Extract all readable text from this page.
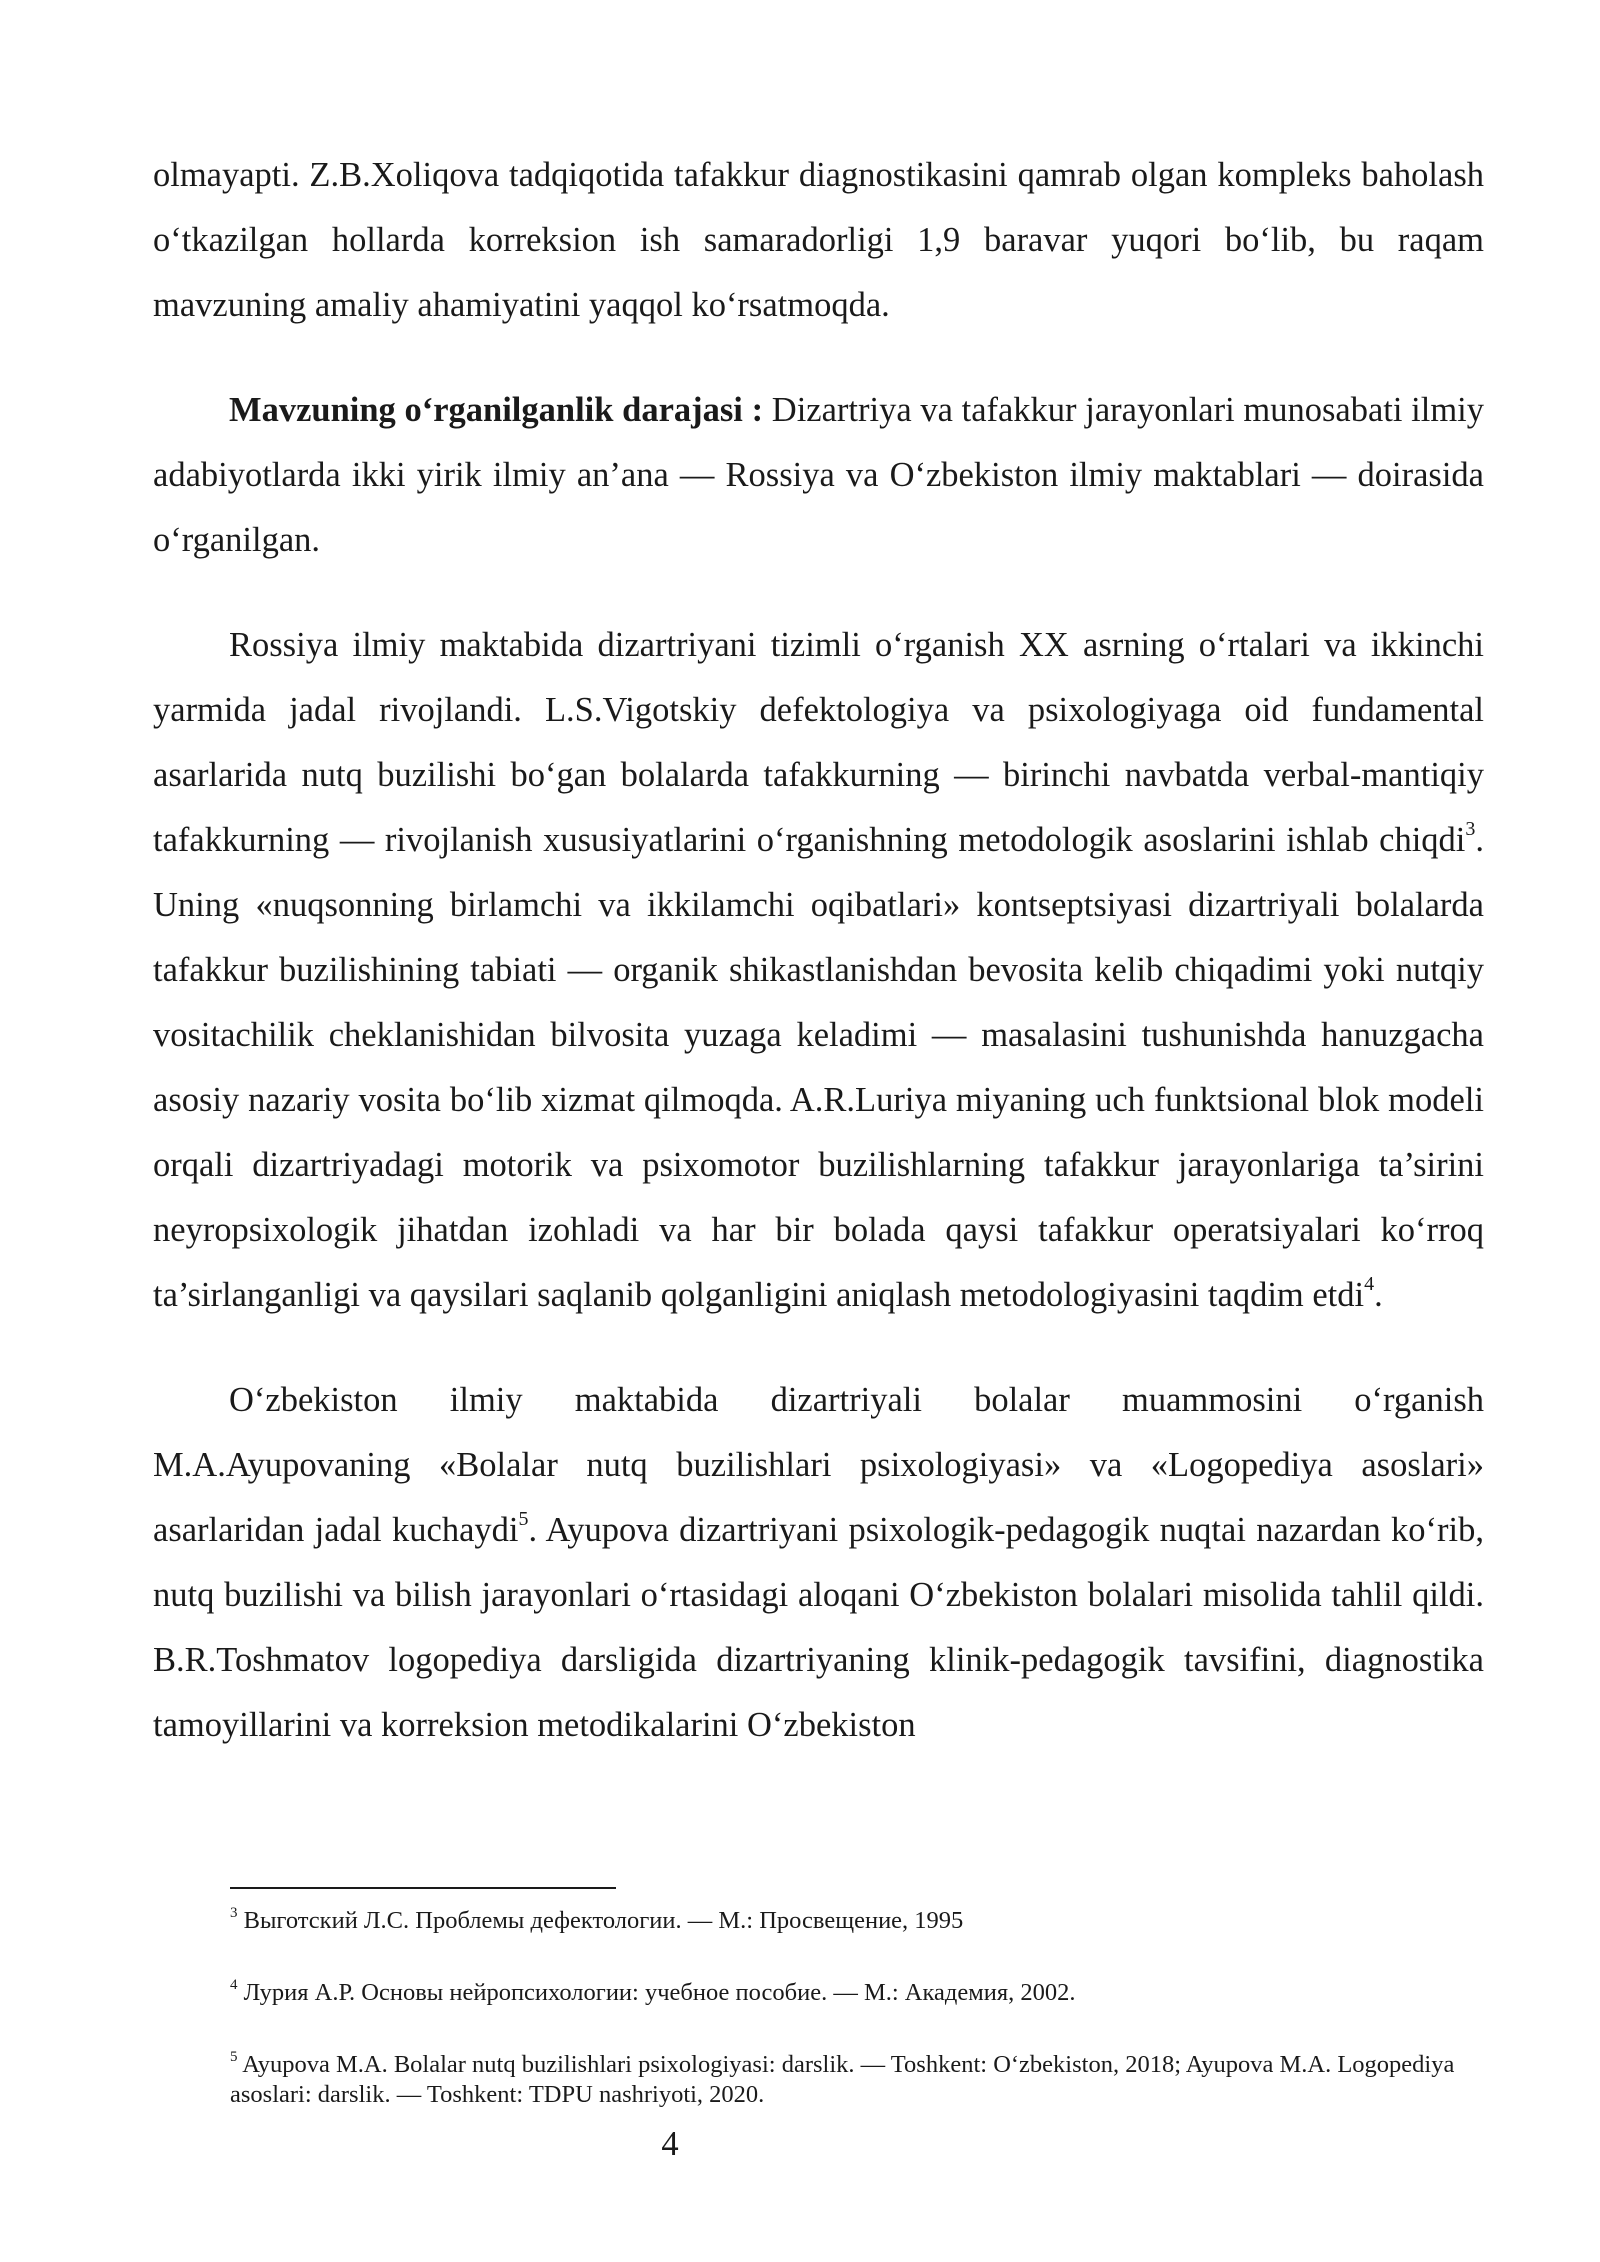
olmayapti. Z.B.Xoliqova tadqiqotida tafakkur diagnostikasini qamrab olgan kompleks baholash o‘tkazilgan hollarda korreksion ish samaradorligi 1,9 baravar yuqori bo‘lib, bu raqam mavzuning amaliy ahamiyatini yaqqol ko‘rsatmoqda.

Mavzuning o‘rganilganlik darajasi : Dizartriya va tafakkur jarayonlari munosabati ilmiy adabiyotlarda ikki yirik ilmiy an’ana — Rossiya va O‘zbekiston ilmiy maktablari — doirasida o‘rganilgan.

Rossiya ilmiy maktabida dizartriyani tizimli o‘rganish XX asrning o‘rtalari va ikkinchi yarmida jadal rivojlandi. L.S.Vigotskiy defektologiya va psixologiyaga oid fundamental asarlarida nutq buzilishi bo‘gan bolalarda tafakkurning — birinchi navbatda verbal-mantiqiy tafakkurning — rivojlanish xususiyatlarini o‘rganishning metodologik asoslarini ishlab chiqdi$^3$. Uning «nuqsonning birlamchi va ikkilamchi oqibatlari» kontseptsiyasi dizartriyali bolalarda tafakkur buzilishining tabiati — organik shikastlanishdan bevosita kelib chiqadimi yoki nutqiy vositachilik cheklanishidan bilvosita yuzaga keladimi — masalasini tushunishda hanuzgacha asosiy nazariy vosita bo‘lib xizmat qilmoqda. A.R.Luriya miyaning uch funktsional blok modeli orqali dizartriyadagi motorik va psixomotor buzilishlarning tafakkur jarayonlariga ta’sirini neyropsixologik jihatdan izohladi va har bir bolada qaysi tafakkur operatsiyalari ko‘rroq ta’sirlanganligi va qaysilari saqlanib qolganligini aniqlash metodologiyasini taqdim etdi$^4$.

O‘zbekiston ilmiy maktabida dizartriyali bolalar muammosini o‘rganish M.A.Ayupovaning «Bolalar nutq buzilishlari psixologiyasi» va «Logopediya asoslari» asarlaridan jadal kuchaydi$^5$. Ayupova dizartriyani psixologik-pedagogik nuqtai nazardan ko‘rib, nutq buzilishi va bilish jarayonlari o‘rtasidagi aloqani O‘zbekiston bolalari misolida tahlil qildi. B.R.Toshmatov logopediya darsligida dizartriyaning klinik-pedagogik tavsifini, diagnostika tamoyillarini va korreksion metodikalarini O‘zbekiston

$^3$ Выготский Л.С. Проблемы дефектологии. — М.: Просвещение, 1995

$^4$ Лурия А.Р. Основы нейропсихологии: учебное пособие. — М.: Академия, 2002.

$^5$ Ayupova M.A. Bolalar nutq buzilishlari psixologiyasi: darslik. — Toshkent: O‘zbekiston, 2018; Ayupova M.A. Logopediya asoslari: darslik. — Toshkent: TDPU nashriyoti, 2020.

4
